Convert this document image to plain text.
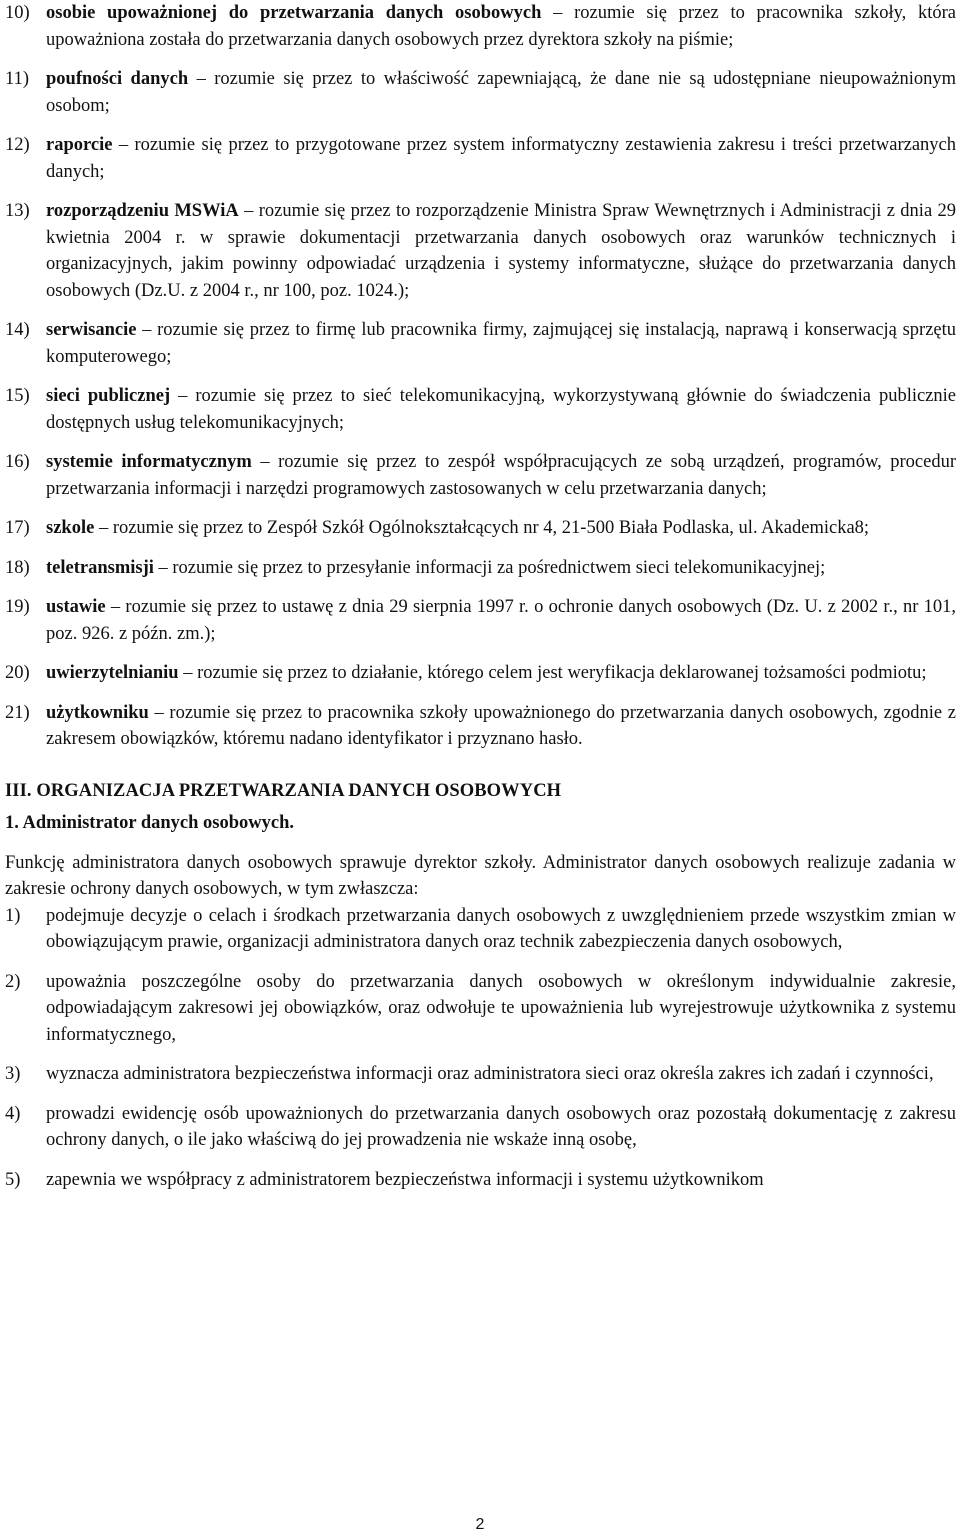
10) osobie upoważnionej do przetwarzania danych osobowych – rozumie się przez to pracownika szkoły, która upoważniona została do przetwarzania danych osobowych przez dyrektora szkoły na piśmie;
11) poufności danych – rozumie się przez to właściwość zapewniającą, że dane nie są udostępniane nieupoważnionym osobom;
12) raporcie – rozumie się przez to przygotowane przez system informatyczny zestawienia zakresu i treści przetwarzanych danych;
13) rozporządzeniu MSWiA – rozumie się przez to rozporządzenie Ministra Spraw Wewnętrznych i Administracji z dnia 29 kwietnia 2004 r. w sprawie dokumentacji przetwarzania danych osobowych oraz warunków technicznych i organizacyjnych, jakim powinny odpowiadać urządzenia i systemy informatyczne, służące do przetwarzania danych osobowych (Dz.U. z 2004 r., nr 100, poz. 1024.);
14) serwisancie – rozumie się przez to firmę lub pracownika firmy, zajmującej się instalacją, naprawą i konserwacją sprzętu komputerowego;
15) sieci publicznej – rozumie się przez to sieć telekomunikacyjną, wykorzystywaną głównie do świadczenia publicznie dostępnych usług telekomunikacyjnych;
16) systemie informatycznym – rozumie się przez to zespół współpracujących ze sobą urządzeń, programów, procedur przetwarzania informacji i narzędzi programowych zastosowanych w celu przetwarzania danych;
17) szkole – rozumie się przez to Zespół Szkół Ogólnokształcących nr 4, 21-500 Biała Podlaska, ul. Akademicka8;
18) teletransmisji – rozumie się przez to przesyłanie informacji za pośrednictwem sieci telekomunikacyjnej;
19) ustawie – rozumie się przez to ustawę z dnia 29 sierpnia 1997 r. o ochronie danych osobowych (Dz. U. z 2002 r., nr 101, poz. 926. z późn. zm.);
20) uwierzytelnianiu – rozumie się przez to działanie, którego celem jest weryfikacja deklarowanej tożsamości podmiotu;
21) użytkowniku – rozumie się przez to pracownika szkoły upoważnionego do przetwarzania danych osobowych, zgodnie z zakresem obowiązków, któremu nadano identyfikator i przyznano hasło.
III. ORGANIZACJA PRZETWARZANIA DANYCH OSOBOWYCH
1. Administrator danych osobowych.
Funkcję administratora danych osobowych sprawuje dyrektor szkoły. Administrator danych osobowych realizuje zadania w zakresie ochrony danych osobowych, w tym zwłaszcza:
1) podejmuje decyzje o celach i środkach przetwarzania danych osobowych z uwzględnieniem przede wszystkim zmian w obowiązującym prawie, organizacji administratora danych oraz technik zabezpieczenia danych osobowych,
2) upoważnia poszczególne osoby do przetwarzania danych osobowych w określonym indywidualnie zakresie, odpowiadającym zakresowi jej obowiązków, oraz odwołuje te upoważnienia lub wyrejestrowuje użytkownika z systemu informatycznego,
3) wyznacza administratora bezpieczeństwa informacji oraz administratora sieci oraz określa zakres ich zadań i czynności,
4) prowadzi ewidencję osób upoważnionych do przetwarzania danych osobowych oraz pozostałą dokumentację z zakresu ochrony danych, o ile jako właściwą do jej prowadzenia nie wskaże inną osobę,
5) zapewnia we współpracy z administratorem bezpieczeństwa informacji i systemu użytkownikom
2
